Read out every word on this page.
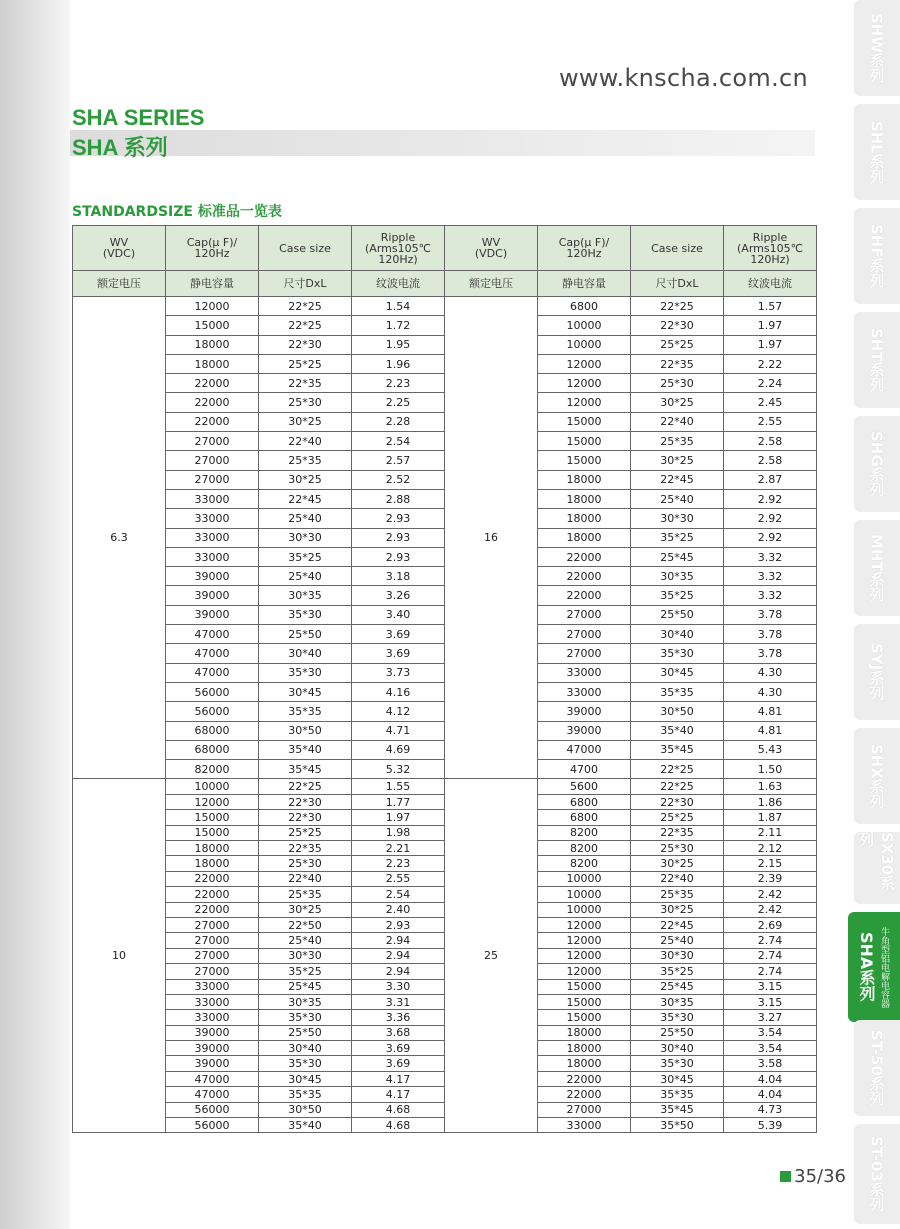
www.knscha.com.cn
SHA SERIES
SHA 系列
STANDARDSIZE 标准品一览表
WV
(VDC)	Cap(μ F)/
120Hz	Case size	Ripple
(Arms105℃
120Hz)	WV
(VDC)	Cap(μ F)/
120Hz	Case size	Ripple
(Arms105℃
120Hz)
额定电压	静电容量	尺寸DxL	纹波电流	额定电压	静电容量	尺寸DxL	纹波电流
6.3	12000	22*25	1.54	16	6800	22*25	1.57
	15000	22*25	1.72		10000	22*30	1.97
	18000	22*30	1.95		10000	25*25	1.97
	18000	25*25	1.96		12000	22*35	2.22
	22000	22*35	2.23		12000	25*30	2.24
	22000	25*30	2.25		12000	30*25	2.45
	22000	30*25	2.28		15000	22*40	2.55
	27000	22*40	2.54		15000	25*35	2.58
	27000	25*35	2.57		15000	30*25	2.58
	27000	30*25	2.52		18000	22*45	2.87
	33000	22*45	2.88		18000	25*40	2.92
	33000	25*40	2.93		18000	30*30	2.92
	33000	30*30	2.93		18000	35*25	2.92
	33000	35*25	2.93		22000	25*45	3.32
	39000	25*40	3.18		22000	30*35	3.32
	39000	30*35	3.26		22000	35*25	3.32
	39000	35*30	3.40		27000	25*50	3.78
	47000	25*50	3.69		27000	30*40	3.78
	47000	30*40	3.69		27000	35*30	3.78
	47000	35*30	3.73		33000	30*45	4.30
	56000	30*45	4.16		33000	35*35	4.30
	56000	35*35	4.12		39000	30*50	4.81
	68000	30*50	4.71		39000	35*40	4.81
	68000	35*40	4.69		47000	35*45	5.43
	82000	35*45	5.32		4700	22*25	1.50
10	10000	22*25	1.55	25	5600	22*25	1.63
	12000	22*30	1.77		6800	22*30	1.86
	15000	22*30	1.97		6800	25*25	1.87
	15000	25*25	1.98		8200	22*35	2.11
	18000	22*35	2.21		8200	25*30	2.12
	18000	25*30	2.23		8200	30*25	2.15
	22000	22*40	2.55		10000	22*40	2.39
	22000	25*35	2.54		10000	25*35	2.42
	22000	30*25	2.40		10000	30*25	2.42
	27000	22*50	2.93		12000	22*45	2.69
	27000	25*40	2.94		12000	25*40	2.74
	27000	30*30	2.94		12000	30*30	2.74
	27000	35*25	2.94		12000	35*25	2.74
	33000	25*45	3.30		15000	25*45	3.15
	33000	30*35	3.31		15000	30*35	3.15
	33000	35*30	3.36		15000	35*30	3.27
	39000	25*50	3.68		18000	25*50	3.54
	39000	30*40	3.69		18000	30*40	3.54
	39000	35*30	3.69		18000	35*30	3.58
	47000	30*45	4.17		22000	30*45	4.04
	47000	35*35	4.17		22000	35*35	4.04
	56000	30*50	4.68		27000	35*45	4.73
	56000	35*40	4.68		33000	35*50	5.39
SHW系列
SHL系列
SHF系列
SHT系列
SHG系列
MHT系列
SYJ系列
SHX系列
SX30系列
SHA系列 牛角型铝电解电容器
ST-50系列
ST-03系列
35/36
